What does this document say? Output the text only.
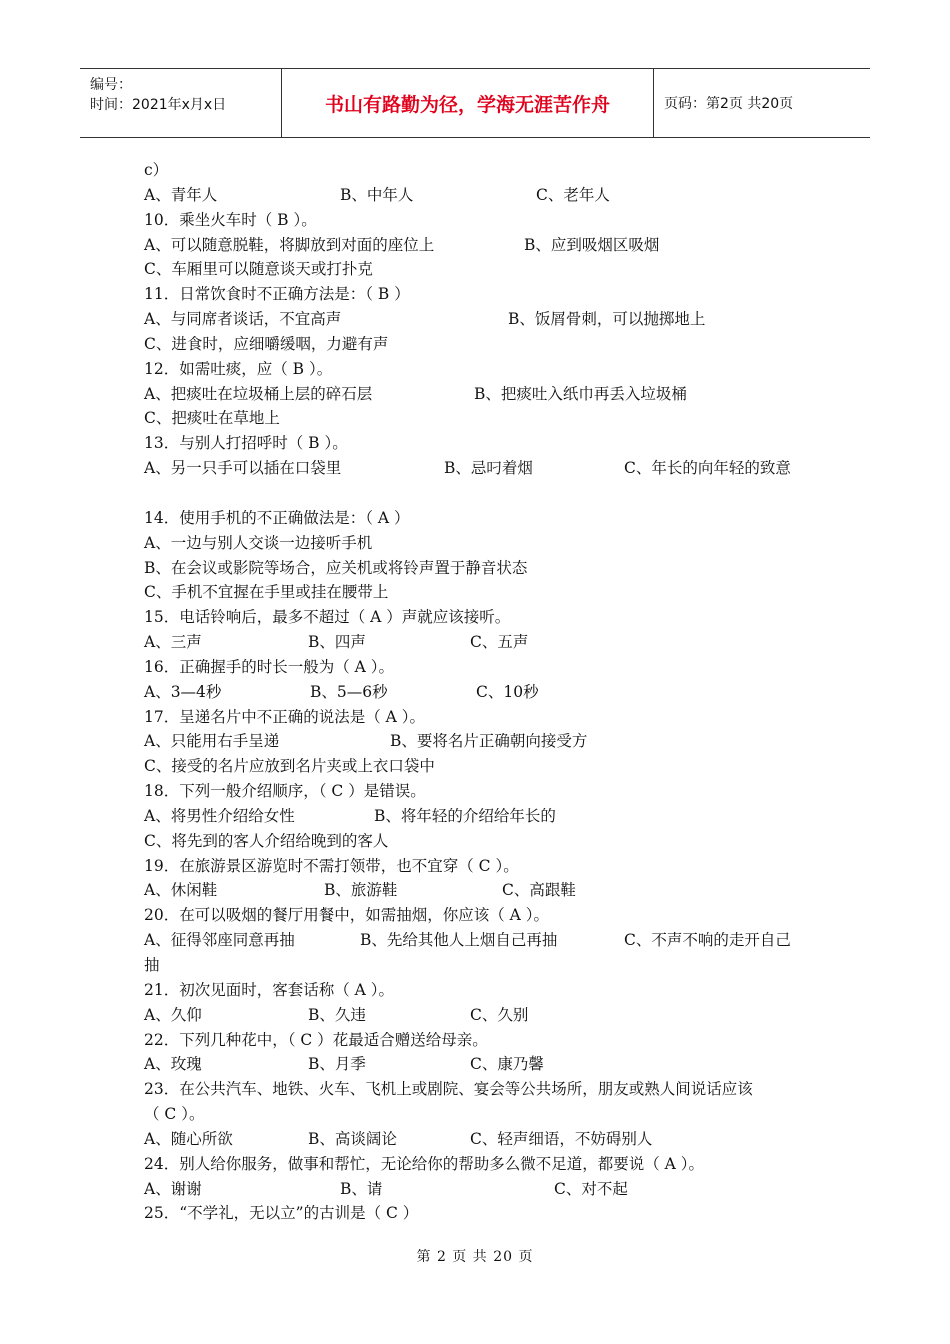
编号：
时间：2021年x月x日	书山有路勤为径，学海无涯苦作舟	页码：第2页 共20页
c）
A、青年人	B、中年人	C、老年人
10．乘坐火车时（ B ）。
A、可以随意脱鞋，将脚放到对面的座位上	B、应到吸烟区吸烟
C、车厢里可以随意谈天或打扑克
11．日常饮食时不正确方法是：（ B ）
A、与同席者谈话，不宜高声	B、饭屑骨刺，可以抛掷地上
C、进食时，应细嚼缓咽，力避有声
12．如需吐痰，应（ B ）。
A、把痰吐在垃圾桶上层的碎石层	B、把痰吐入纸巾再丢入垃圾桶
C、把痰吐在草地上
13．与别人打招呼时（ B ）。
A、另一只手可以插在口袋里	B、忌叼着烟	C、年长的向年轻的致意
14．使用手机的不正确做法是：（ A ）
A、一边与别人交谈一边接听手机
B、在会议或影院等场合，应关机或将铃声置于静音状态
C、手机不宜握在手里或挂在腰带上
15．电话铃响后，最多不超过（ A ）声就应该接听。
A、三声	B、四声	C、五声
16．正确握手的时长一般为（ A ）。
A、3—4秒	B、5—6秒	C、10秒
17．呈递名片中不正确的说法是（ A ）。
A、只能用右手呈递	B、要将名片正确朝向接受方
C、接受的名片应放到名片夹或上衣口袋中
18．下列一般介绍顺序，（ C ）是错误。
A、将男性介绍给女性	B、将年轻的介绍给年长的
C、将先到的客人介绍给晚到的客人
19．在旅游景区游览时不需打领带，也不宜穿（ C ）。
A、休闲鞋	B、旅游鞋	C、高跟鞋
20．在可以吸烟的餐厅用餐中，如需抽烟，你应该（ A ）。
A、征得邻座同意再抽	B、先给其他人上烟自己再抽	C、不声不响的走开自己
抽
21．初次见面时，客套话称（ A ）。
A、久仰	B、久违	C、久别
22．下列几种花中，（ C ）花最适合赠送给母亲。
A、玫瑰	B、月季	C、康乃馨
23．在公共汽车、地铁、火车、飞机上或剧院、宴会等公共场所，朋友或熟人间说话应该
（ C ）。
A、随心所欲	B、高谈阔论	C、轻声细语，不妨碍别人
24．别人给你服务，做事和帮忙，无论给你的帮助多么微不足道，都要说（ A ）。
A、谢谢	B、请	C、对不起
25．“不学礼，无以立”的古训是（ C ）
第 2 页 共 20 页
